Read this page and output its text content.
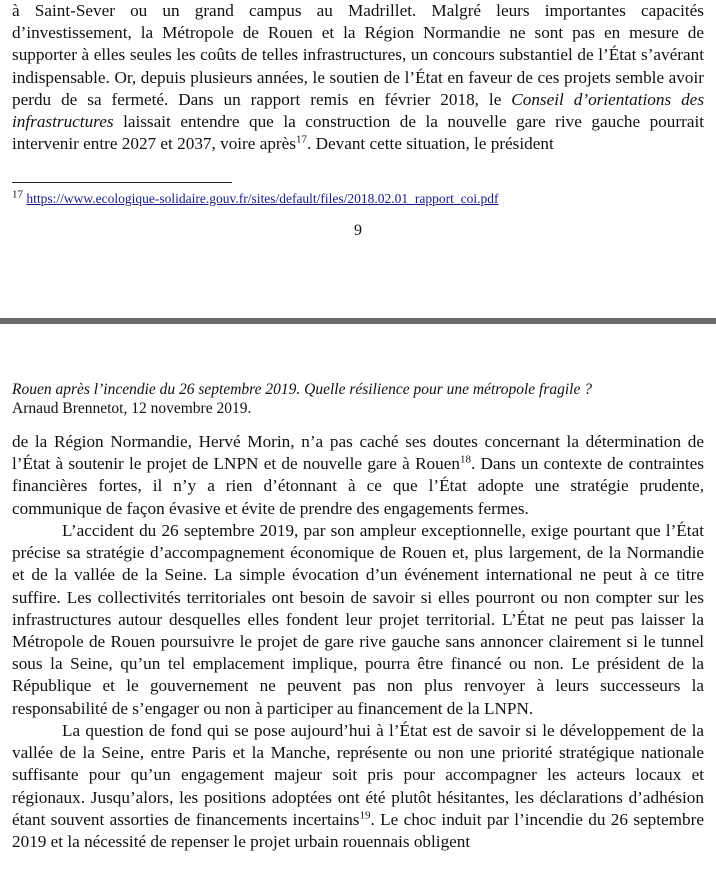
à Saint-Sever ou un grand campus au Madrillet. Malgré leurs importantes capacités d’investissement, la Métropole de Rouen et la Région Normandie ne sont pas en mesure de supporter à elles seules les coûts de telles infrastructures, un concours substantiel de l’État s’avérant indispensable. Or, depuis plusieurs années, le soutien de l’État en faveur de ces projets semble avoir perdu de sa fermeté. Dans un rapport remis en février 2018, le Conseil d’orientations des infrastructures laissait entendre que la construction de la nouvelle gare rive gauche pourrait intervenir entre 2027 et 2037, voire après$^{17}$. Devant cette situation, le président

$^{17}$ https://www.ecologique-solidaire.gouv.fr/sites/default/files/2018.02.01_rapport_coi.pdf
9
Rouen après l’incendie du 26 septembre 2019. Quelle résilience pour une métropole fragile ?
Arnaud Brennetot, 12 novembre 2019.

de la Région Normandie, Hervé Morin, n’a pas caché ses doutes concernant la détermination de l’État à soutenir le projet de LNPN et de nouvelle gare à Rouen$^{18}$. Dans un contexte de contraintes financières fortes, il n’y a rien d’étonnant à ce que l’État adopte une stratégie prudente, communique de façon évasive et évite de prendre des engagements fermes.

L’accident du 26 septembre 2019, par son ampleur exceptionnelle, exige pourtant que l’État précise sa stratégie d’accompagnement économique de Rouen et, plus largement, de la Normandie et de la vallée de la Seine. La simple évocation d’un événement international ne peut à ce titre suffire. Les collectivités territoriales ont besoin de savoir si elles pourront ou non compter sur les infrastructures autour desquelles elles fondent leur projet territorial. L’État ne peut pas laisser la Métropole de Rouen poursuivre le projet de gare rive gauche sans annoncer clairement si le tunnel sous la Seine, qu’un tel emplacement implique, pourra être financé ou non. Le président de la République et le gouvernement ne peuvent pas non plus renvoyer à leurs successeurs la responsabilité de s’engager ou non à participer au financement de la LNPN.

La question de fond qui se pose aujourd’hui à l’État est de savoir si le développement de la vallée de la Seine, entre Paris et la Manche, représente ou non une priorité stratégique nationale suffisante pour qu’un engagement majeur soit pris pour accompagner les acteurs locaux et régionaux. Jusqu’alors, les positions adoptées ont été plutôt hésitantes, les déclarations d’adhésion étant souvent assorties de financements incertains$^{19}$. Le choc induit par l’incendie du 26 septembre 2019 et la nécessité de repenser le projet urbain rouennais obligent
